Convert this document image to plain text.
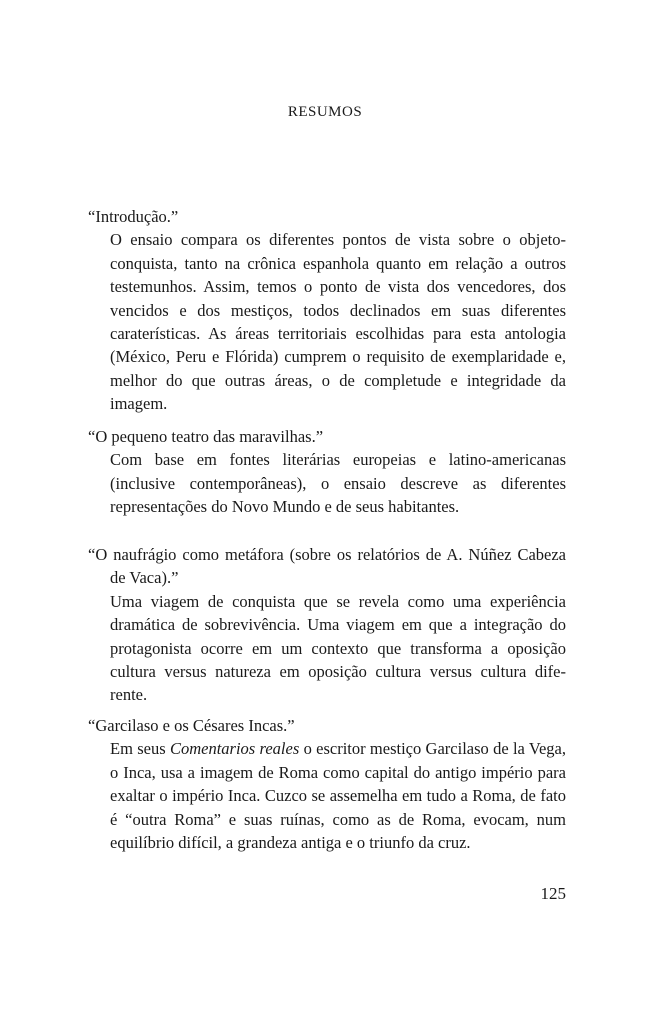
RESUMOS

“Introdução.”

O ensaio compara os diferentes pontos de vista sobre o objeto-conquista, tanto na crônica espanhola quanto em relação a outros testemunhos. Assim, temos o ponto de vista dos vencedores, dos vencidos e dos mestiços, todos declinados em suas diferentes caraterísticas. As áreas territoriais escolhidas para esta antologia (México, Peru e Flórida) cumprem o requisito de exemplaridade e, melhor do que outras áreas, o de completude e integridade da imagem.

“O pequeno teatro das maravilhas.”

Com base em fontes literárias europeias e latino-americanas (inclusive contemporâneas), o ensaio descreve as diferentes representações do Novo Mundo e de seus habitantes.

“O naufrágio como metáfora (sobre os relatórios de A. Núñez Cabeza de Vaca).”

Uma viagem de conquista que se revela como uma experiência dramática de sobrevivência. Uma viagem em que a integração do protagonista ocorre em um contexto que transforma a oposição cultura versus natureza em oposição cultura versus cultura dife-rente.

“Garcilaso e os Césares Incas.”

Em seus Comentarios reales o escritor mestiço Garcilaso de la Vega, o Inca, usa a imagem de Roma como capital do antigo império para exaltar o império Inca. Cuzco se assemelha em tudo a Roma, de fato é “outra Roma” e suas ruínas, como as de Roma, evocam, num equilíbrio difícil, a grandeza antiga e o triunfo da cruz.

125
